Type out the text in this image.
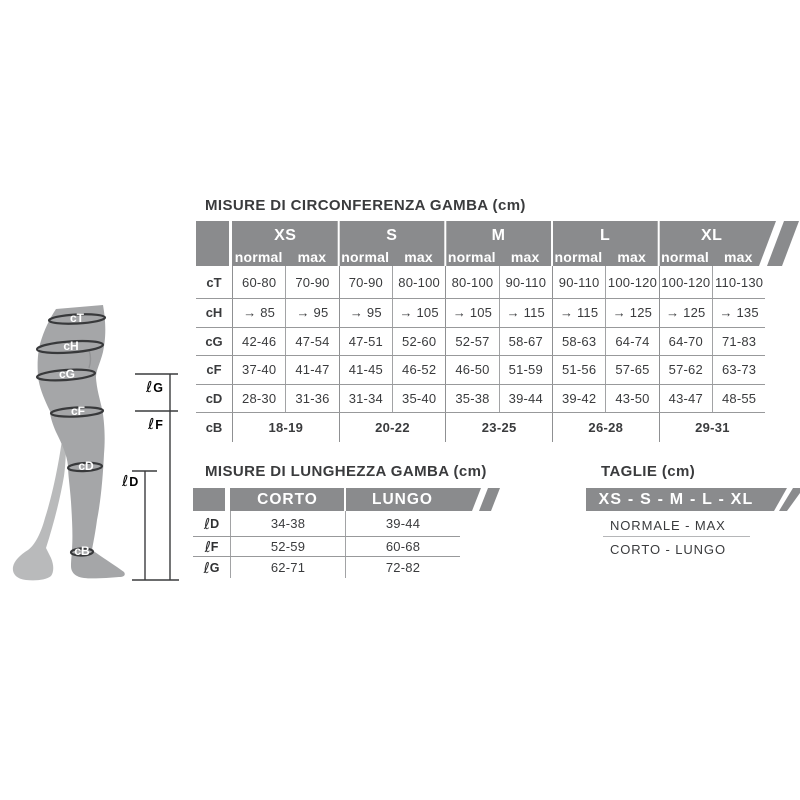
cT
cH
cG
cF
cD
cB
ℓG
ℓF
ℓD
MISURE DI CIRCONFERENZA GAMBA (cm)
MISURE DI LUNGHEZZA GAMBA (cm)	TAGLIE (cm)
XS
normal	max
S
normal	max
M
normal	max
L
normal	max
XL
normal	max
cT	60-80	70-90	70-90	80-100 80-100 90-110 90-110 100-120 100-120 110-130
cH	→ 85	→ 95	→ 95	→ 105	→ 105	→ 115	→ 115	→ 125	→ 125	→ 135
cG	42-46	47-54	47-51	52-60	52-57	58-67	58-63	64-74	64-70	71-83
cF	37-40	41-47	41-45	46-52	46-50	51-59	51-56	57-65	57-62	63-73
cD	28-30	31-36	31-34	35-40	35-38	39-44	39-42	43-50	43-47	48-55
cB	18-19	20-22	23-25	26-28	29-31
CORTO	LUNGO
ℓ D	34-38	39-44
ℓ F	52-59	60-68
ℓ G	62-71	72-82
XS - S - M - L - XL
NORMALE - MAX
CORTO - LUNGO
